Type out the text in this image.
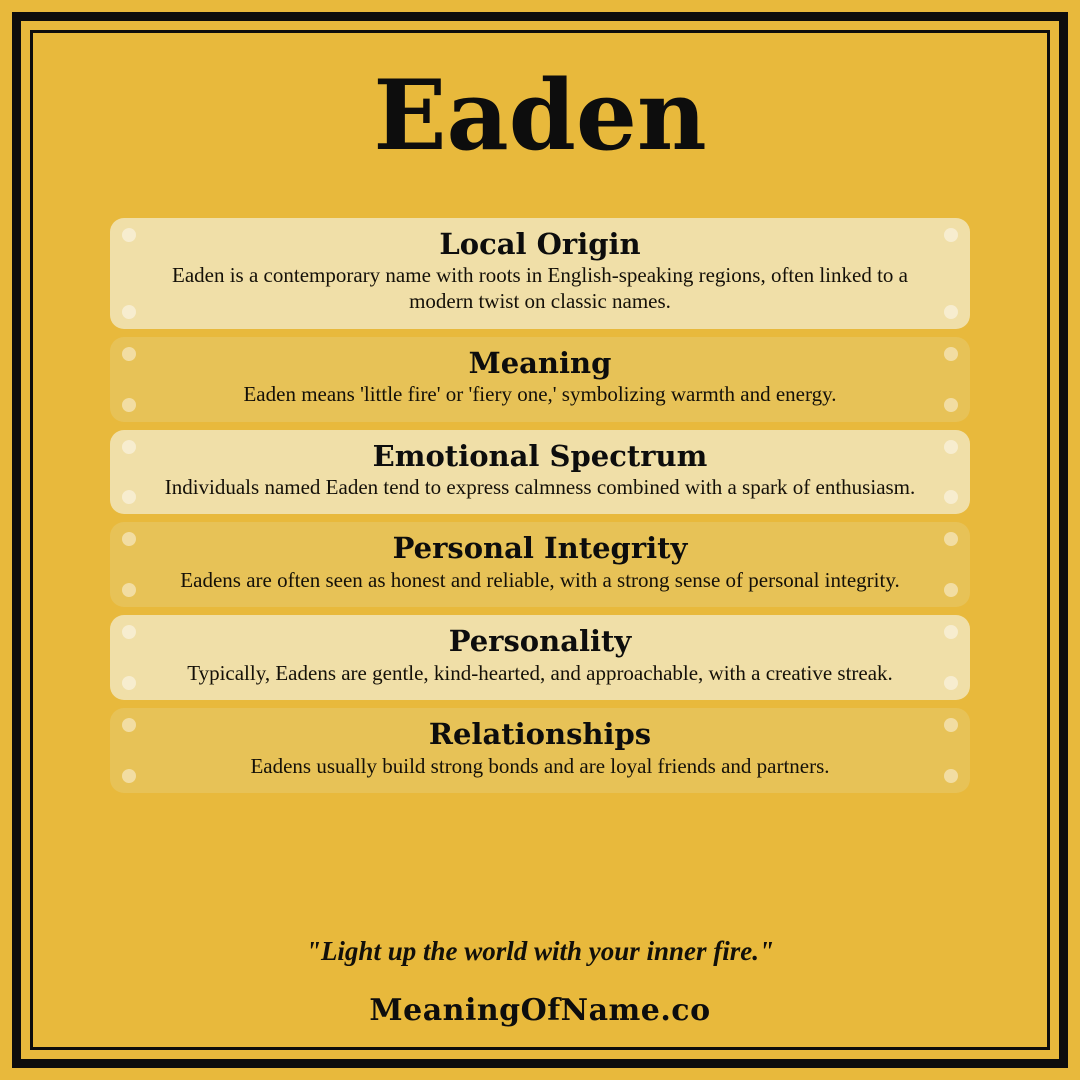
Eaden

Local Origin

Eaden is a contemporary name with roots in English-speaking regions, often linked to a modern twist on classic names.

Meaning

Eaden means 'little fire' or 'fiery one,' symbolizing warmth and energy.

Emotional Spectrum

Individuals named Eaden tend to express calmness combined with a spark of enthusiasm.

Personal Integrity

Eadens are often seen as honest and reliable, with a strong sense of personal integrity.

Personality

Typically, Eadens are gentle, kind-hearted, and approachable, with a creative streak.

Relationships

Eadens usually build strong bonds and are loyal friends and partners.

"Light up the world with your inner fire."

MeaningOfName.co
